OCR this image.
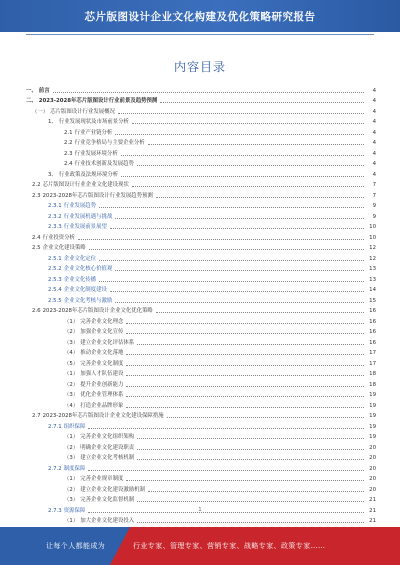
芯片版图设计企业文化构建及优化策略研究报告
内容目录
一、 前言	4
二、 2023-2028年芯片版图设计行业前景及趋势预测	4
（一） 芯片版图设计行业发展概况	4
1、 行业发展现状及市场前景分析	4
2.1 行业产业链分析	4
2.2 行业竞争格局与主要企业分析	4
2.3 行业发展环境分析	4
2.4 行业技术创新及发展趋势	4
3、 行业政策及法规环境分析	4
2.2 芯片版图设计行业企业文化建设现状	7
2.3 2023-2028年芯片版图设计行业发展趋势预测	7
2.3.1 行业发展趋势	9
2.3.2 行业发展机遇与挑战	9
2.3.3 行业发展前景展望	10
2.4 行业投资分析	10
2.5 企业文化建设策略	12
2.5.1 企业文化定位	12
2.5.2 企业文化核心价值观	13
2.5.3 企业文化传播	13
2.5.4 企业文化制度建设	14
2.5.5 企业文化考核与激励	15
2.6 2023-2028年芯片版图设计企业文化优化策略	16
（1） 完善企业文化理念	16
（2） 加强企业文化宣传	16
（3） 建立企业文化评估体系	16
（4） 推动企业文化落地	17
（5） 完善企业文化制度	17
（1） 加强人才队伍建设	18
（2） 提升企业创新能力	18
（3） 优化企业管理体系	19
（4） 打造企业品牌形象	19
2.7 2023-2028年芯片版图设计企业文化建设保障措施	19
2.7.1 组织保障	19
（1） 完善企业文化组织架构	19
（2） 明确企业文化建设职责	20
（3） 建立企业文化考核机制	20
2.7.2 制度保障	20
（1） 完善企业规章制度	20
（2） 建立企业文化建设激励机制	20
（3） 完善企业文化监督机制	21
2.7.3 资源保障	21
（1） 加大企业文化建设投入	21
1
让每个人都能成为	行业专家、管理专家、营销专家、战略专家、政策专家……
